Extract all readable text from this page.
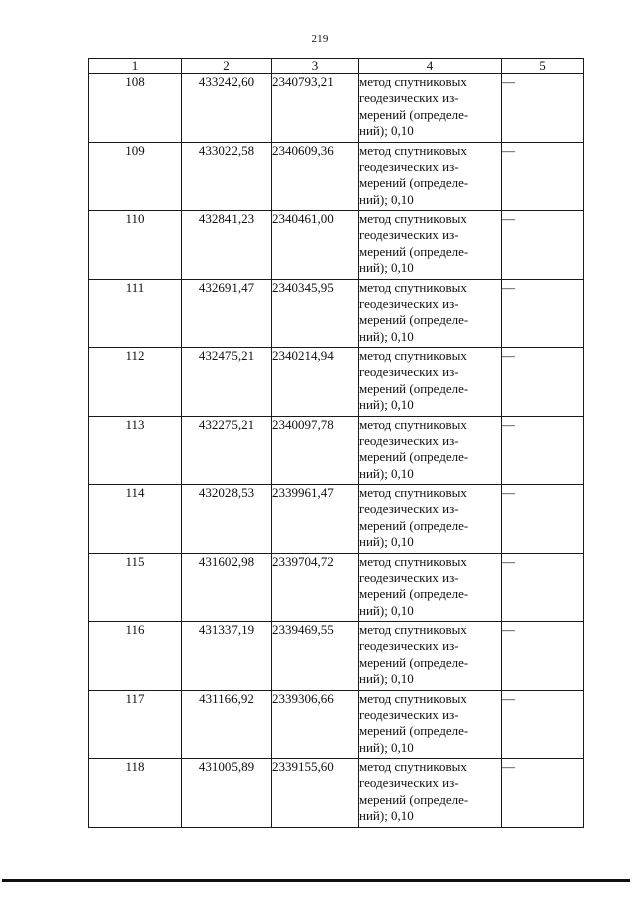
219
1	2	3	4	5
108	433242,60	2340793,21	метод спутниковых
геодезических из-
мерений (определе-
ний); 0,10	—
109	433022,58	2340609,36	метод спутниковых
геодезических из-
мерений (определе-
ний); 0,10	—
110	432841,23	2340461,00	метод спутниковых
геодезических из-
мерений (определе-
ний); 0,10	—
111	432691,47	2340345,95	метод спутниковых
геодезических из-
мерений (определе-
ний); 0,10	—
112	432475,21	2340214,94	метод спутниковых
геодезических из-
мерений (определе-
ний); 0,10	—
113	432275,21	2340097,78	метод спутниковых
геодезических из-
мерений (определе-
ний); 0,10	—
114	432028,53	2339961,47	метод спутниковых
геодезических из-
мерений (определе-
ний); 0,10	—
115	431602,98	2339704,72	метод спутниковых
геодезических из-
мерений (определе-
ний); 0,10	—
116	431337,19	2339469,55	метод спутниковых
геодезических из-
мерений (определе-
ний); 0,10	—
117	431166,92	2339306,66	метод спутниковых
геодезических из-
мерений (определе-
ний); 0,10	—
118	431005,89	2339155,60	метод спутниковых
геодезических из-
мерений (определе-
ний); 0,10	—
